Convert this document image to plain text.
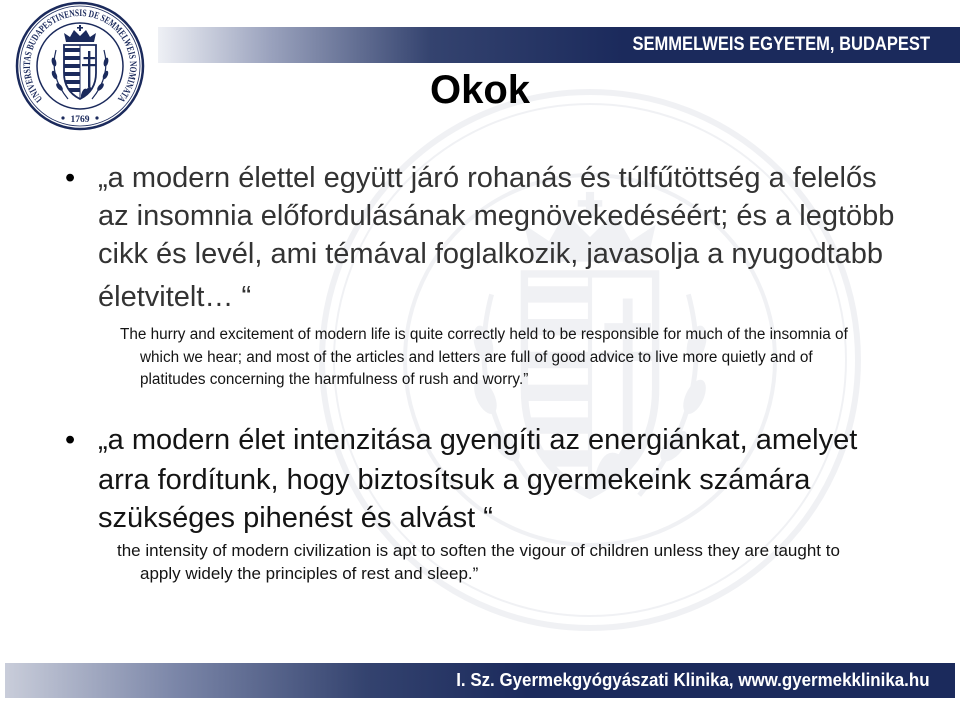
UNIVERSITAS BUDAPESTINENSIS DE SEMMELWEIS NOMINATA
1769
SEMMELWEIS EGYETEM, BUDAPEST
Okok
• „a modern élettel együtt járó rohanás és túlfűtöttség a felelős
az insomnia előfordulásának megnövekedéséért; és a legtöbb
cikk és levél, ami témával foglalkozik, javasolja a nyugodtabb
életvitelt… “
The hurry and excitement of modern life is quite correctly held to be responsible for much of the insomnia of
which we hear; and most of the articles and letters are full of good advice to live more quietly and of
platitudes concerning the harmfulness of rush and worry.”
• „a modern élet intenzitása gyengíti az energiánkat, amelyet
arra fordítunk, hogy biztosítsuk a gyermekeink számára
szükséges pihenést és alvást “
the intensity of modern civilization is apt to soften the vigour of children unless they are taught to
apply widely the principles of rest and sleep.”
I. Sz. Gyermekgyógyászati Klinika, www.gyermekklinika.hu
